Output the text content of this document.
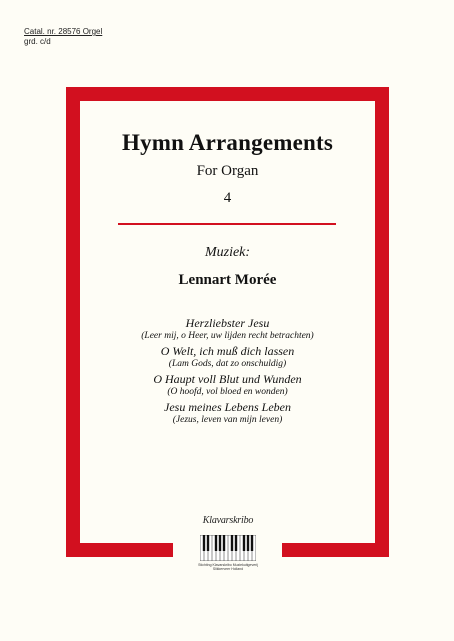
Catal. nr. 28576 Orgel
grd. c/d
Hymn Arrangements
For Organ
4
Muziek:
Lennart Morée
Herzliebster Jesu
(Leer mij, o Heer, uw lijden recht betrachten)
O Welt, ich muß dich lassen
(Lam Gods, dat zo onschuldig)
O Haupt voll Blut und Wunden
(O hoofd, vol bloed en wonden)
Jesu meines Lebens Leben
(Jezus, leven van mijn leven)
Klavarskribo
Stichting Klavarskribo Muziekuitgeverij
Slikkerveer Holland
